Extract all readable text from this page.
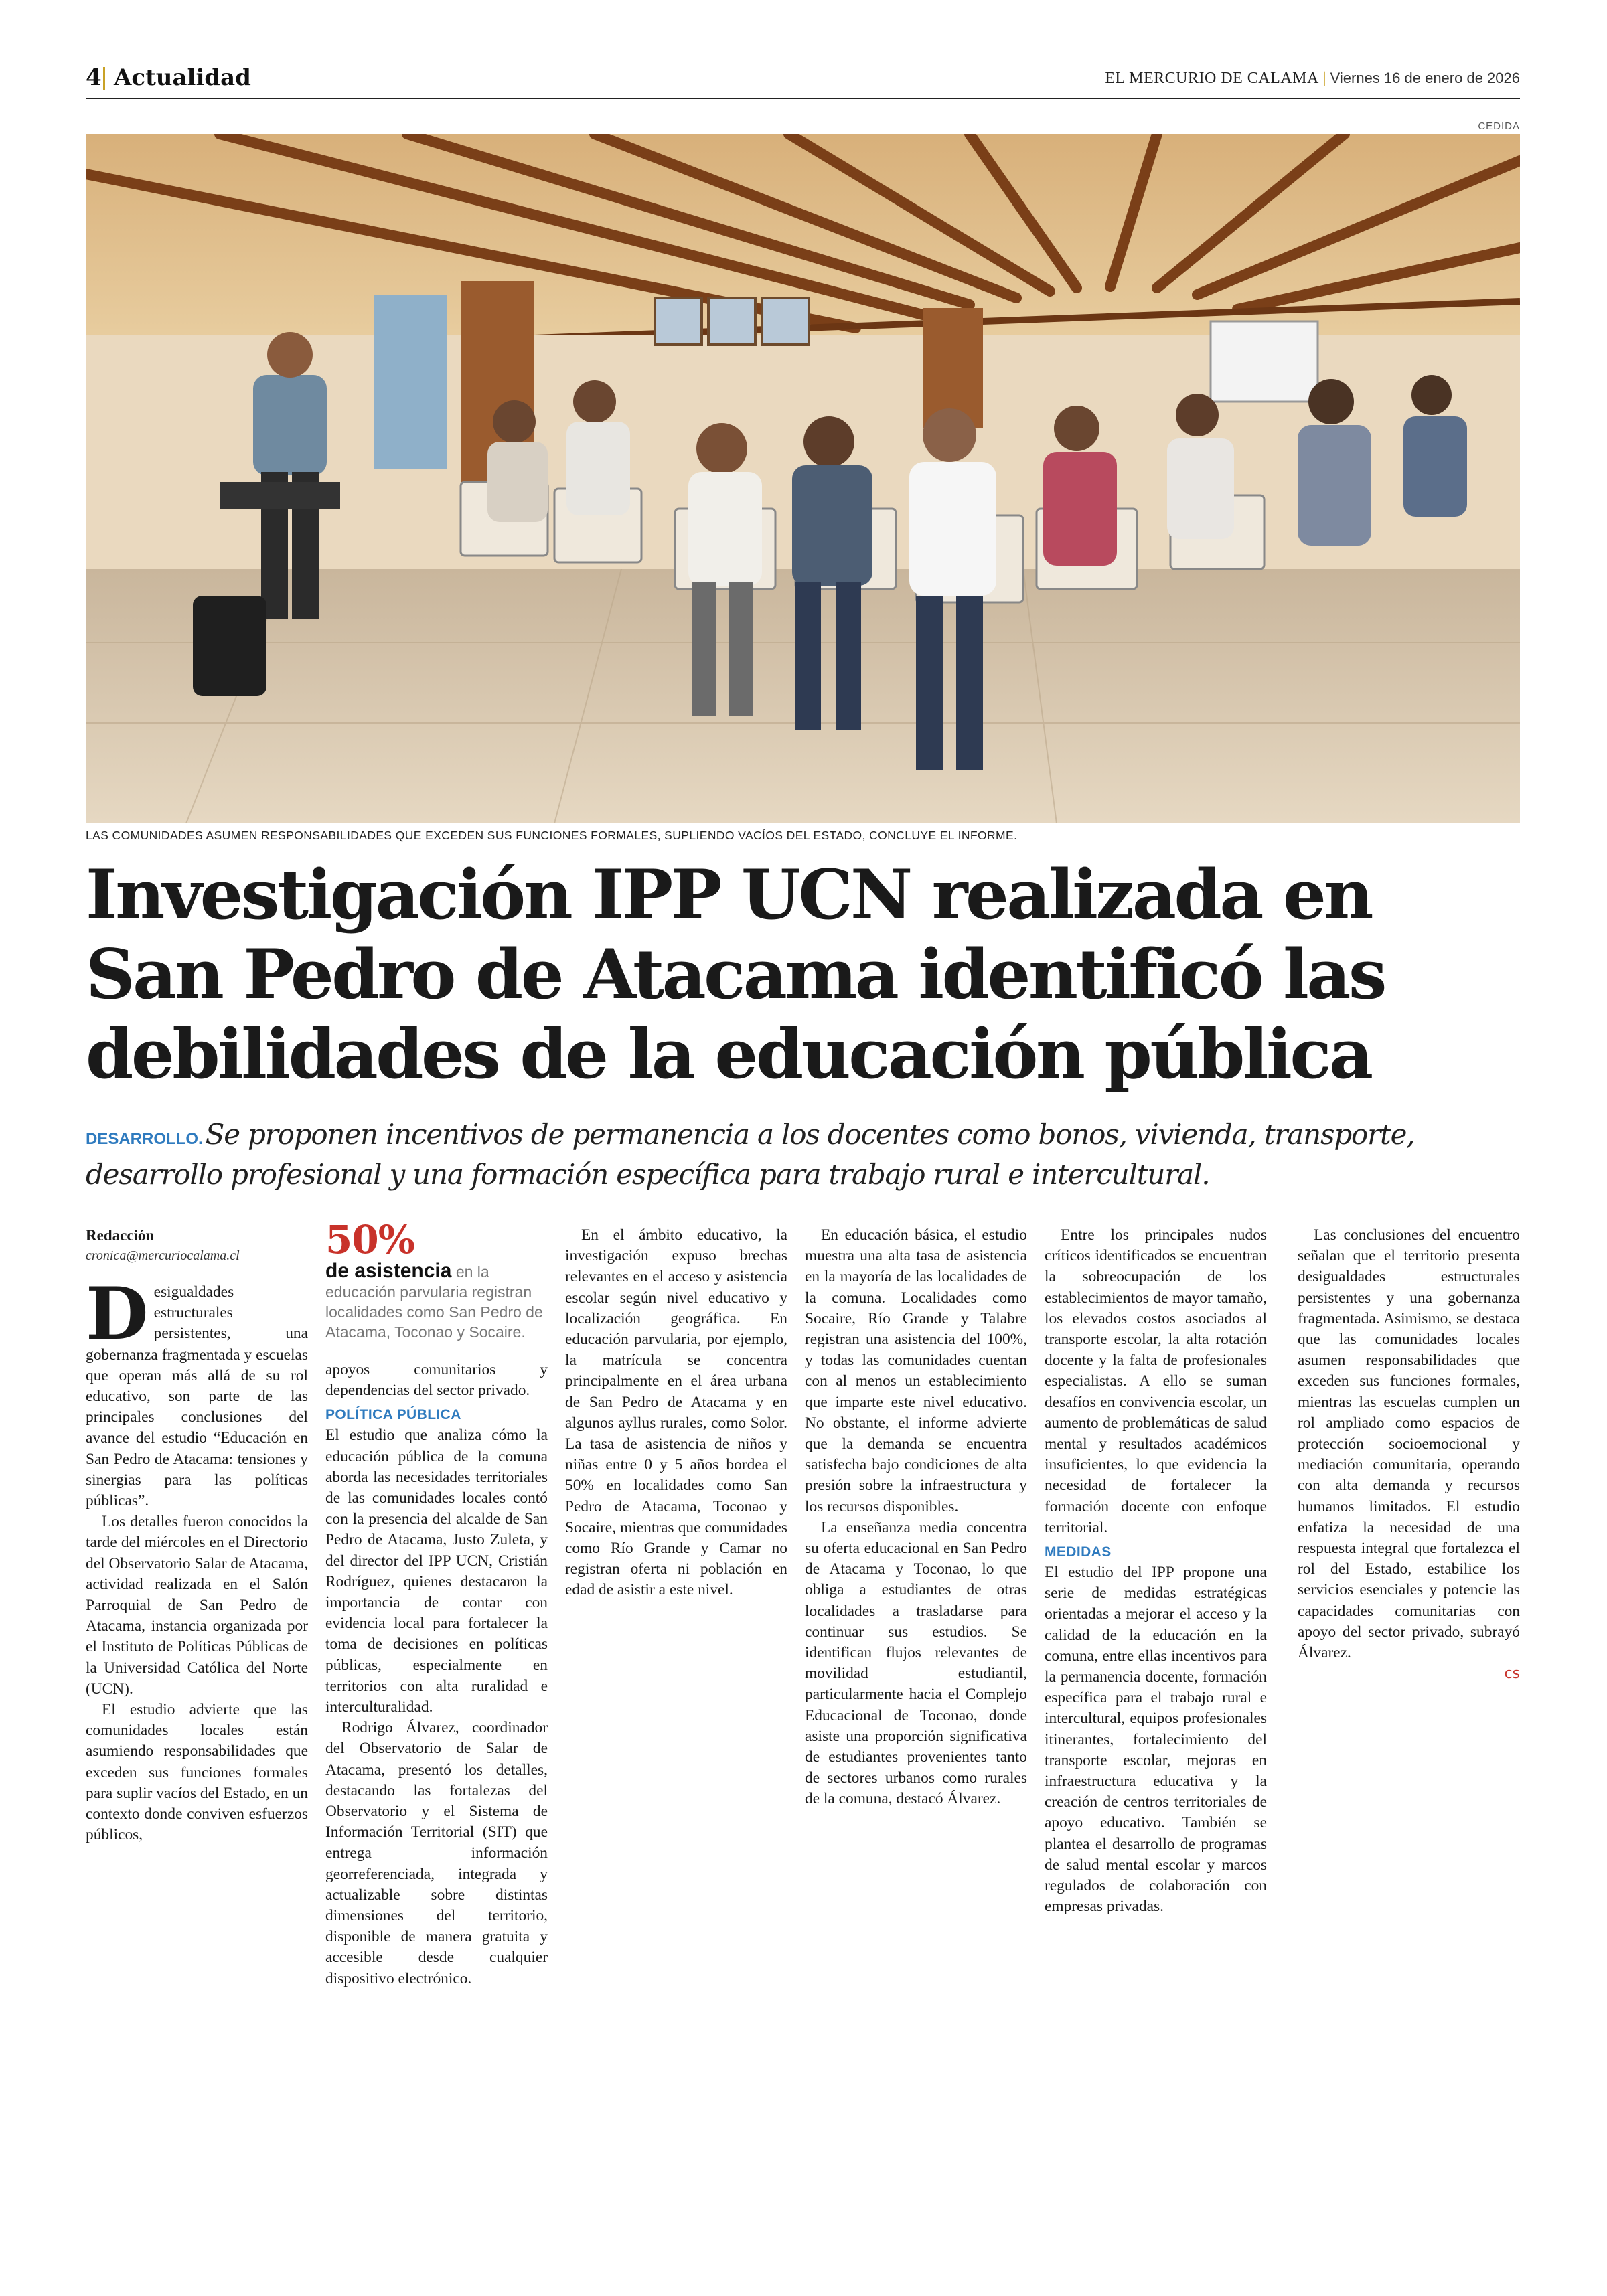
4 Actualidad	EL MERCURIO DE CALAMA | Viernes 16 de enero de 2026
CEDIDA
LAS COMUNIDADES ASUMEN RESPONSABILIDADES QUE EXCEDEN SUS FUNCIONES FORMALES, SUPLIENDO VACÍOS DEL ESTADO, CONCLUYE EL INFORME.
Investigación IPP UCN realizada en
San Pedro de Atacama identificó las
debilidades de la educación pública
DESARROLLO.Se proponen incentivos de permanencia a los docentes como bonos, vivienda, transporte,
desarrollo profesional y una formación específica para trabajo rural e intercultural.
Redacción
cronica@mercuriocalama.cl

Desigualdades estructurales persistentes, una gobernanza fragmentada y escuelas que operan más allá de su rol educativo, son parte de las principales conclusiones del avance del estudio “Educación en San Pedro de Atacama: tensiones y sinergias para las políticas públicas”.

Los detalles fueron conocidos la tarde del miércoles en el Directorio del Observatorio Salar de Atacama, actividad realizada en el Salón Parroquial de San Pedro de Atacama, instancia organizada por el Instituto de Políticas Públicas de la Universidad Católica del Norte (UCN).

El estudio advierte que las comunidades locales están asumiendo responsabilidades que exceden sus funciones formales para suplir vacíos del Estado, en un contexto donde conviven esfuerzos públicos,

50%
de asistencia en la educación parvularia registran localidades como San Pedro de Atacama, Toconao y Socaire.

apoyos comunitarios y dependencias del sector privado.

POLÍTICA PÚBLICA

El estudio que analiza cómo la educación pública de la comuna aborda las necesidades territoriales de las comunidades locales contó con la presencia del alcalde de San Pedro de Atacama, Justo Zuleta, y del director del IPP UCN, Cristián Rodríguez, quienes destacaron la importancia de contar con evidencia local para fortalecer la toma de decisiones en políticas públicas, especialmente en territorios con alta ruralidad e interculturalidad.

Rodrigo Álvarez, coordinador del Observatorio de Salar de Atacama, presentó los detalles, destacando las fortalezas del Observatorio y el Sistema de Información Territorial (SIT) que entrega información georreferenciada, integrada y actualizable sobre distintas dimensiones del territorio, disponible de manera gratuita y accesible desde cualquier dispositivo electrónico.

En el ámbito educativo, la investigación expuso brechas relevantes en el acceso y asistencia escolar según nivel educativo y localización geográfica. En educación parvularia, por ejemplo, la matrícula se concentra principalmente en el área urbana de San Pedro de Atacama y en algunos ayllus rurales, como Solor. La tasa de asistencia de niños y niñas entre 0 y 5 años bordea el 50% en localidades como San Pedro de Atacama, Toconao y Socaire, mientras que comunidades como Río Grande y Camar no registran oferta ni población en edad de asistir a este nivel.

En educación básica, el estudio muestra una alta tasa de asistencia en la mayoría de las localidades de la comuna. Localidades como Socaire, Río Grande y Talabre registran una asistencia del 100%, y todas las comunidades cuentan con al menos un establecimiento que imparte este nivel educativo. No obstante, el informe advierte que la demanda se encuentra satisfecha bajo condiciones de alta presión sobre la infraestructura y los recursos disponibles.

La enseñanza media concentra su oferta educacional en San Pedro de Atacama y Toconao, lo que obliga a estudiantes de otras localidades a trasladarse para continuar sus estudios. Se identifican flujos relevantes de movilidad estudiantil, particularmente hacia el Complejo Educacional de Toconao, donde asiste una proporción significativa de estudiantes provenientes tanto de sectores urbanos como rurales de la comuna, destacó Álvarez.

Entre los principales nudos críticos identificados se encuentran la sobreocupación de los establecimientos de mayor tamaño, los elevados costos asociados al transporte escolar, la alta rotación docente y la falta de profesionales especialistas. A ello se suman desafíos en convivencia escolar, un aumento de problemáticas de salud mental y resultados académicos insuficientes, lo que evidencia la necesidad de fortalecer la formación docente con enfoque territorial.

MEDIDAS

El estudio del IPP propone una serie de medidas estratégicas orientadas a mejorar el acceso y la calidad de la educación en la comuna, entre ellas incentivos para la permanencia docente, formación específica para el trabajo rural e intercultural, equipos profesionales itinerantes, fortalecimiento del transporte escolar, mejoras en infraestructura educativa y la creación de centros territoriales de apoyo educativo. También se plantea el desarrollo de programas de salud mental escolar y marcos regulados de colaboración con empresas privadas.

Las conclusiones del encuentro señalan que el territorio presenta desigualdades estructurales persistentes y una gobernanza fragmentada. Asimismo, se destaca que las comunidades locales asumen responsabilidades que exceden sus funciones formales, mientras las escuelas cumplen un rol ampliado como espacios de protección socioemocional y mediación comunitaria, operando con alta demanda y recursos humanos limitados. El estudio enfatiza la necesidad de una respuesta integral que fortalezca el rol del Estado, estabilice los servicios esenciales y potencie las capacidades comunitarias con apoyo del sector privado, subrayó Álvarez.

cs
